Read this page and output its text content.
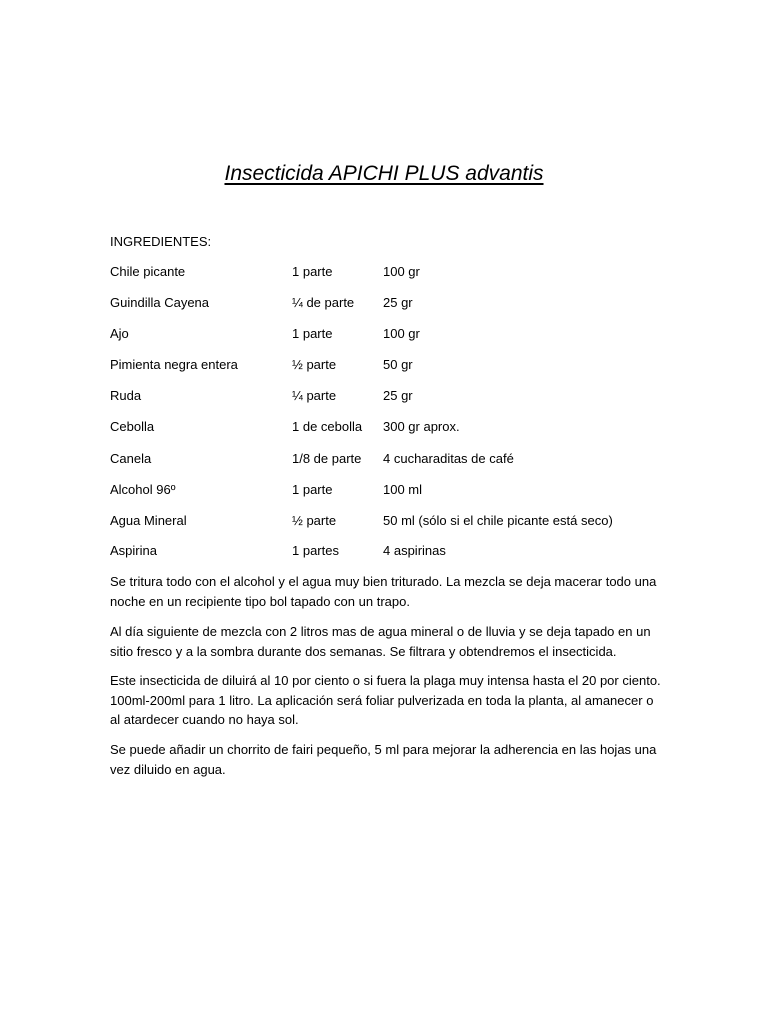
Insecticida APICHI PLUS advantis
INGREDIENTES:
Chile picante	1 parte	100 gr
Guindilla Cayena	¼ de parte 25 gr
Ajo	1 parte	100 gr
Pimienta negra entera	½ parte	50 gr
Ruda	¼ parte	25 gr
Cebolla	1 de cebolla 300 gr aprox.
Canela	1/8 de parte 4 cucharaditas de café
Alcohol 96º	1 parte	100 ml
Agua Mineral	½ parte	50 ml (sólo si el chile picante está seco)
Aspirina	1 partes	4 aspirinas

Se tritura todo con el alcohol y el agua muy bien triturado. La mezcla se deja macerar todo una noche en un recipiente tipo bol tapado con un trapo.

Al día siguiente de mezcla con 2 litros mas de agua mineral o de lluvia y se deja tapado en un sitio fresco y a la sombra durante dos semanas. Se filtrara y obtendremos el insecticida.

Este insecticida de diluirá al 10 por ciento o si fuera la plaga muy intensa hasta el 20 por ciento. 100ml-200ml para 1 litro. La aplicación será foliar pulverizada en toda la planta, al amanecer o al atardecer cuando no haya sol.

Se puede añadir un chorrito de fairi pequeño, 5 ml para mejorar la adherencia en las hojas una vez diluido en agua.
